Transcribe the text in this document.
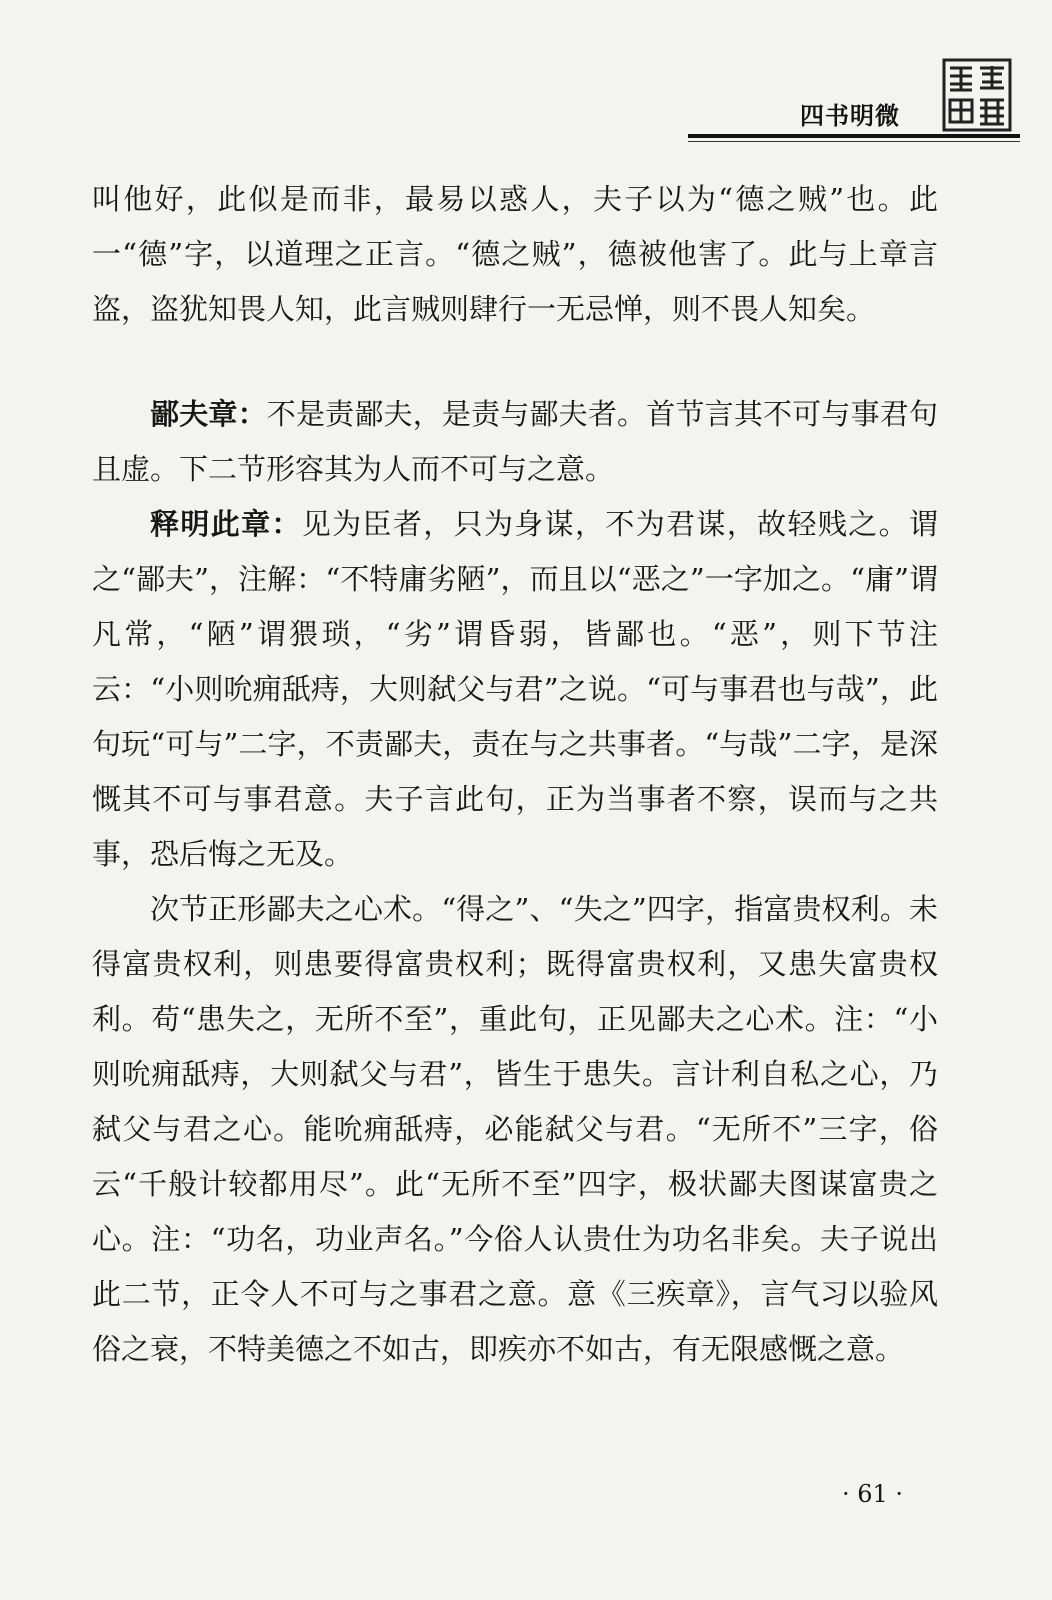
四书明微

叫他好，此似是而非，最易以惑人，夫子以为“德之贼”也。此一“德”字，以道理之正言。“德之贼”，德被他害了。此与上章言盗，盗犹知畏人知，此言贼则肆行一无忌惮，则不畏人知矣。

鄙夫章：不是责鄙夫，是责与鄙夫者。首节言其不可与事君句且虚。下二节形容其为人而不可与之意。

释明此章：见为臣者，只为身谋，不为君谋，故轻贱之。谓之“鄙夫”，注解：“不特庸劣陋”，而且以“恶之”一字加之。“庸”谓凡常，“陋”谓猥琐，“劣”谓昏弱，皆鄙也。“恶”，则下节注云：“小则吮痈舐痔，大则弑父与君”之说。“可与事君也与哉”，此句玩“可与”二字，不责鄙夫，责在与之共事者。“与哉”二字，是深慨其不可与事君意。夫子言此句，正为当事者不察，误而与之共事，恐后悔之无及。

次节正形鄙夫之心术。“得之”、“失之”四字，指富贵权利。未得富贵权利，则患要得富贵权利；既得富贵权利，又患失富贵权利。苟“患失之，无所不至”，重此句，正见鄙夫之心术。注：“小则吮痈舐痔，大则弑父与君”，皆生于患失。言计利自私之心，乃弑父与君之心。能吮痈舐痔，必能弑父与君。“无所不”三字，俗云“千般计较都用尽”。此“无所不至”四字，极状鄙夫图谋富贵之心。注：“功名，功业声名。”今俗人认贵仕为功名非矣。夫子说出此二节，正令人不可与之事君之意。意《三疾章》，言气习以验风俗之衰，不特美德之不如古，即疾亦不如古，有无限感慨之意。

· 61 ·
